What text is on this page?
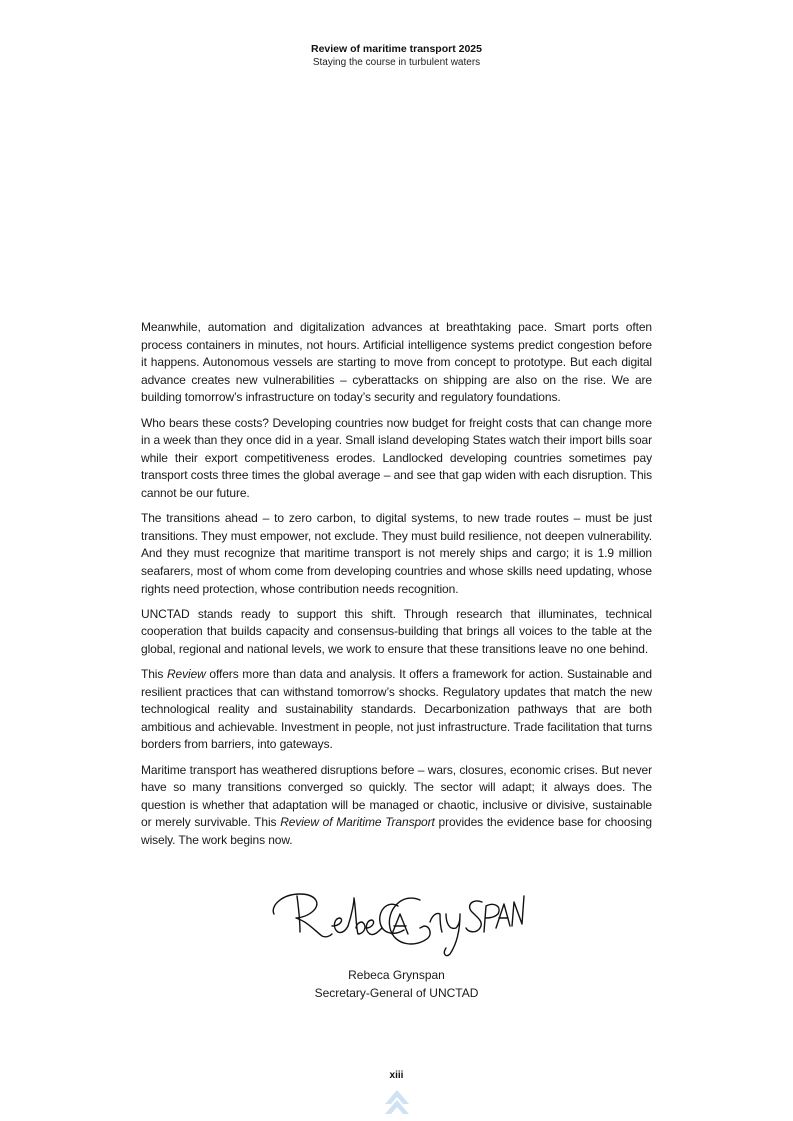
Review of maritime transport 2025
Staying the course in turbulent waters

Meanwhile, automation and digitalization advances at breathtaking pace. Smart ports often process containers in minutes, not hours. Artificial intelligence systems predict congestion before it happens. Autonomous vessels are starting to move from concept to prototype. But each digital advance creates new vulnerabilities – cyberattacks on shipping are also on the rise. We are building tomorrow’s infrastructure on today’s security and regulatory foundations.

Who bears these costs? Developing countries now budget for freight costs that can change more in a week than they once did in a year. Small island developing States watch their import bills soar while their export competitiveness erodes. Landlocked developing countries sometimes pay transport costs three times the global average – and see that gap widen with each disruption. This cannot be our future.

The transitions ahead – to zero carbon, to digital systems, to new trade routes – must be just transitions. They must empower, not exclude. They must build resilience, not deepen vulnerability. And they must recognize that maritime transport is not merely ships and cargo; it is 1.9 million seafarers, most of whom come from developing countries and whose skills need updating, whose rights need protection, whose contribution needs recognition.

UNCTAD stands ready to support this shift. Through research that illuminates, technical cooperation that builds capacity and consensus-building that brings all voices to the table at the global, regional and national levels, we work to ensure that these transitions leave no one behind.

This Review offers more than data and analysis. It offers a framework for action. Sustainable and resilient practices that can withstand tomorrow’s shocks. Regulatory updates that match the new technological reality and sustainability standards. Decarbonization pathways that are both ambitious and achievable. Investment in people, not just infrastructure. Trade facilitation that turns borders from barriers, into gateways.

Maritime transport has weathered disruptions before – wars, closures, economic crises. But never have so many transitions converged so quickly. The sector will adapt; it always does. The question is whether that adaptation will be managed or chaotic, inclusive or divisive, sustainable or merely survivable. This Review of Maritime Transport provides the evidence base for choosing wisely. The work begins now.

RebecaGrynspan
Rebeca Grynspan
Secretary-General of UNCTAD
xiii
